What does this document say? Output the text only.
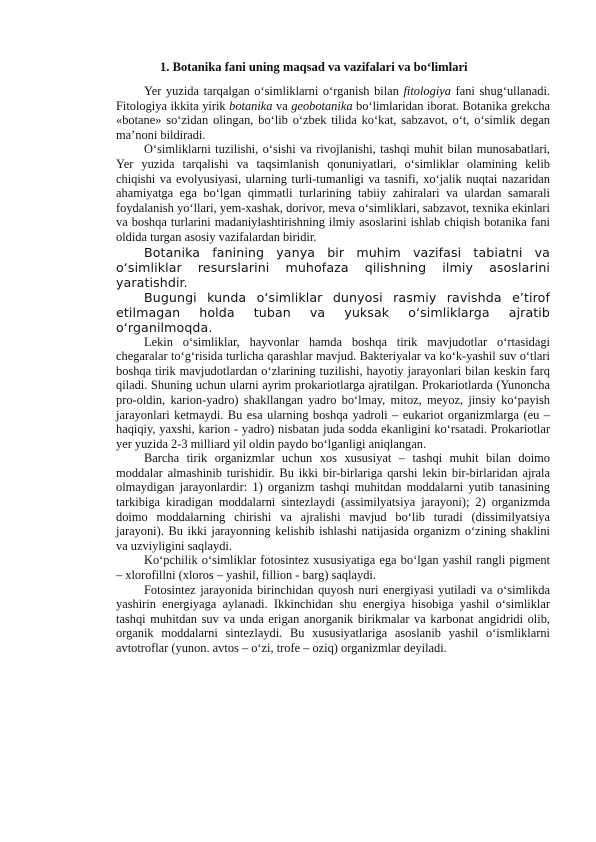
1. Botanika fani uning maqsad va vazifalari va bo‘limlari

Yer yuzida tarqalgan o‘simliklarni o‘rganish bilan fitologiya fani shug‘ullanadi. Fitologiya ikkita yirik botanika va geobotanika bo‘limlaridan iborat. Botanika grekcha «botane» so‘zidan olingan, bo‘lib o‘zbek tilida ko‘kat, sabzavot, o‘t, o‘simlik degan ma’noni bildiradi.

O‘simliklarni tuzilishi, o‘sishi va rivojlanishi, tashqi muhit bilan munosabatlari, Yer yuzida tarqalishi va taqsimlanish qonuniyatlari, o‘simliklar olamining kelib chiqishi va evolyusiyasi, ularning turli-tumanligi va tasnifi, xo‘jalik nuqtai nazaridan ahamiyatga ega bo‘lgan qimmatli turlarining tabiiy zahiralari va ulardan samarali foydalanish yo‘llari, yem-xashak, dorivor, meva o‘simliklari, sabzavot, texnika ekinlari va boshqa turlarini madaniylashtirishning ilmiy asoslarini ishlab chiqish botanika fani oldida turgan asosiy vazifalardan biridir.

Botanika fanining yanya bir muhim vazifasi tabiatni va o‘simliklar resurslarini muhofaza qilishning ilmiy asoslarini yaratishdir.

Bugungi kunda o‘simliklar dunyosi rasmiy ravishda e’tirof etilmagan holda tuban va yuksak o‘simliklarga ajratib o‘rganilmoqda.

Lekin o‘simliklar, hayvonlar hamda boshqa tirik mavjudotlar o‘rtasidagi chegaralar to‘g‘risida turlicha qarashlar mavjud. Bakteriyalar va ko‘k-yashil suv o‘tlari boshqa tirik mavjudotlardan o‘zlarining tuzilishi, hayotiy jarayonlari bilan keskin farq qiladi. Shuning uchun ularni ayrim prokariotlarga ajratilgan. Prokariotlarda (Yunoncha pro-oldin, karion-yadro) shakllangan yadro bo‘lmay, mitoz, meyoz, jinsiy ko‘payish jarayonlari ketmaydi. Bu esa ularning boshqa yadroli – eukariot organizmlarga (eu – haqiqiy, yaxshi, karion - yadro) nisbatan juda sodda ekanligini ko‘rsatadi. Prokariotlar yer yuzida 2-3 milliard yil oldin paydo bo‘lganligi aniqlangan.

Barcha tirik organizmlar uchun xos xususiyat – tashqi muhit bilan doimo moddalar almashinib turishidir. Bu ikki bir-birlariga qarshi lekin bir-birlaridan ajrala olmaydigan jarayonlardir: 1) organizm tashqi muhitdan moddalarni yutib tanasining tarkibiga kiradigan moddalarni sintezlaydi (assimilyatsiya jarayoni); 2) organizmda doimo moddalarning chirishi va ajralishi mavjud bo‘lib turadi (dissimilyatsiya jarayoni). Bu ikki jarayonning kelishib ishlashi natijasida organizm o‘zining shaklini va uzviyligini saqlaydi.

Ko‘pchilik o‘simliklar fotosintez xususiyatiga ega bo‘lgan yashil rangli pigment – xlorofillni (xloros – yashil, fillion - barg) saqlaydi.

Fotosintez jarayonida birinchidan quyosh nuri energiyasi yutiladi va o‘simlikda yashirin energiyaga aylanadi. Ikkinchidan shu energiya hisobiga yashil o‘simliklar tashqi muhitdan suv va unda erigan anorganik birikmalar va karbonat angidridi olib, organik moddalarni sintezlaydi. Bu xususiyatlariga asoslanib yashil o‘ismliklarni avtotroflar (yunon. avtos – o‘zi, trofe – oziq) organizmlar deyiladi.
